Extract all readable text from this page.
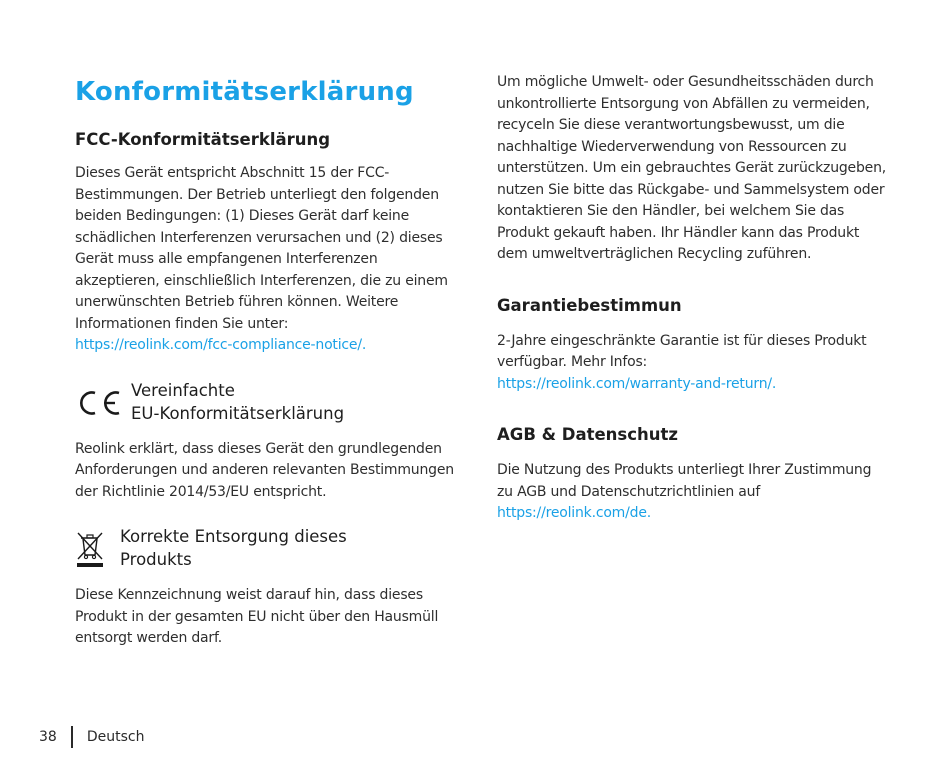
Konformitätserklärung
FCC-Konformitätserklärung

Dieses Gerät entspricht Abschnitt 15 der FCC-Bestimmungen. Der Betrieb unterliegt den folgenden beiden Bedingungen: (1) Dieses Gerät darf keine schädlichen Interferenzen verursachen und (2) dieses Gerät muss alle empfangenen Interferenzen akzeptieren, einschließlich Interferenzen, die zu einem unerwünschten Betrieb führen können. Weitere Informationen finden Sie unter:
https://reolink.com/fcc-compliance-notice/.

Vereinfachte
EU-Konformitätserklärung

Reolink erklärt, dass dieses Gerät den grundlegenden Anforderungen und anderen relevanten Bestimmungen der Richtlinie 2014/53/EU entspricht.

Korrekte Entsorgung dieses
Produkts

Diese Kennzeichnung weist darauf hin, dass dieses Produkt in der gesamten EU nicht über den Hausmüll entsorgt werden darf.

Um mögliche Umwelt- oder Gesundheitsschäden durch unkontrollierte Entsorgung von Abfällen zu vermeiden, recyceln Sie diese verantwortungsbewusst, um die nachhaltige Wiederverwendung von Ressourcen zu unterstützen. Um ein gebrauchtes Gerät zurückzugeben, nutzen Sie bitte das Rückgabe- und Sammelsystem oder kontaktieren Sie den Händler, bei welchem Sie das Produkt gekauft haben. Ihr Händler kann das Produkt dem umweltverträglichen Recycling zuführen.

Garantiebestimmun

2-Jahre eingeschränkte Garantie ist für dieses Produkt verfügbar. Mehr Infos:
https://reolink.com/warranty-and-return/.

AGB & Datenschutz

Die Nutzung des Produkts unterliegt Ihrer Zustimmung zu AGB und Datenschutzrichtlinien auf
https://reolink.com/de.

38 Deutsch
